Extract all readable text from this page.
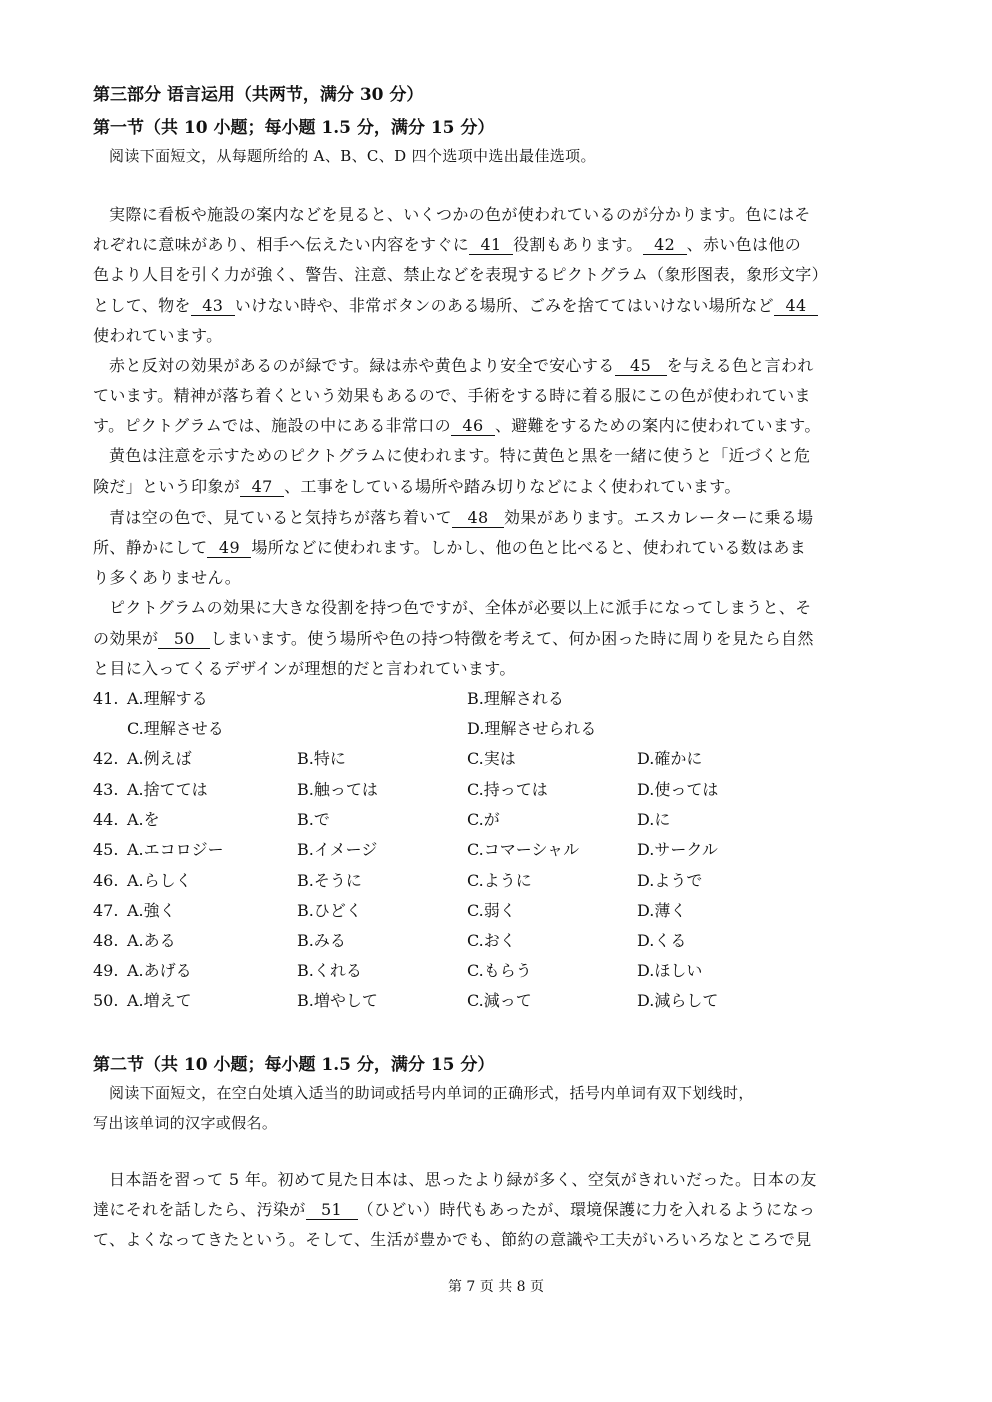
第三部分 语言运用（共两节，满分 30 分）
第一节（共 10 小题；每小题 1.5 分，满分 15 分）
阅读下面短文，从每题所给的 A、B、C、D 四个选项中选出最佳选项。
実際に看板や施設の案内などを見ると、いくつかの色が使われているのが分かります。色にはそ
れぞれに意味があり、相手へ伝えたい内容をすぐに 41 役割もあります。 42 、赤い色は他の
色より人目を引く力が強く、警告、注意、禁止などを表現するピクトグラム（象形图表，象形文字）
として、物を 43 いけない時や、非常ボタンのある場所、ごみを捨ててはいけない場所など 44
使われています。
赤と反対の効果があるのが緑です。緑は赤や黄色より安全で安心する 45 を与える色と言われ
ています。精神が落ち着くという効果もあるので、手術をする時に着る服にこの色が使われていま
す。ピクトグラムでは、施設の中にある非常口の 46 、避難をするための案内に使われています。
黄色は注意を示すためのピクトグラムに使われます。特に黄色と黒を一緒に使うと「近づくと危
険だ」という印象が 47 、工事をしている場所や踏み切りなどによく使われています。
青は空の色で、見ていると気持ちが落ち着いて 48 効果があります。エスカレーターに乗る場
所、静かにして 49 場所などに使われます。しかし、他の色と比べると、使われている数はあま
り多くありません。
ピクトグラムの効果に大きな役割を持つ色ですが、全体が必要以上に派手になってしまうと、そ
の効果が 50 しまいます。使う場所や色の持つ特徴を考えて、何か困った時に周りを見たら自然
と目に入ってくるデザインが理想的だと言われています。
41. A.理解する	B.理解される
C.理解させる	D.理解させられる
42. A.例えば	B.特に	C.実は	D.確かに
43. A.捨てては	B.触っては	C.持っては	D.使っては
44. A.を	B.で	C.が	D.に
45. A.エコロジー	B.イメージ	C.コマーシャル	D.サークル
46. A.らしく	B.そうに	C.ように	D.ようで
47. A.強く	B.ひどく	C.弱く	D.薄く
48. A.ある	B.みる	C.おく	D.くる
49. A.あげる	B.くれる	C.もらう	D.ほしい
50. A.増えて	B.増やして	C.減って	D.減らして
第二节（共 10 小题；每小题 1.5 分，满分 15 分）
阅读下面短文，在空白处填入适当的助词或括号内单词的正确形式，括号内单词有双下划线时，
写出该单词的汉字或假名。
日本語を習って 5 年。初めて見た日本は、思ったより緑が多く、空気がきれいだった。日本の友
達にそれを話したら、汚染が 51 （ひどい）時代もあったが、環境保護に力を入れるようになっ
て、よくなってきたという。そして、生活が豊かでも、節約の意識や工夫がいろいろなところで見
第 7 页 共 8 页
